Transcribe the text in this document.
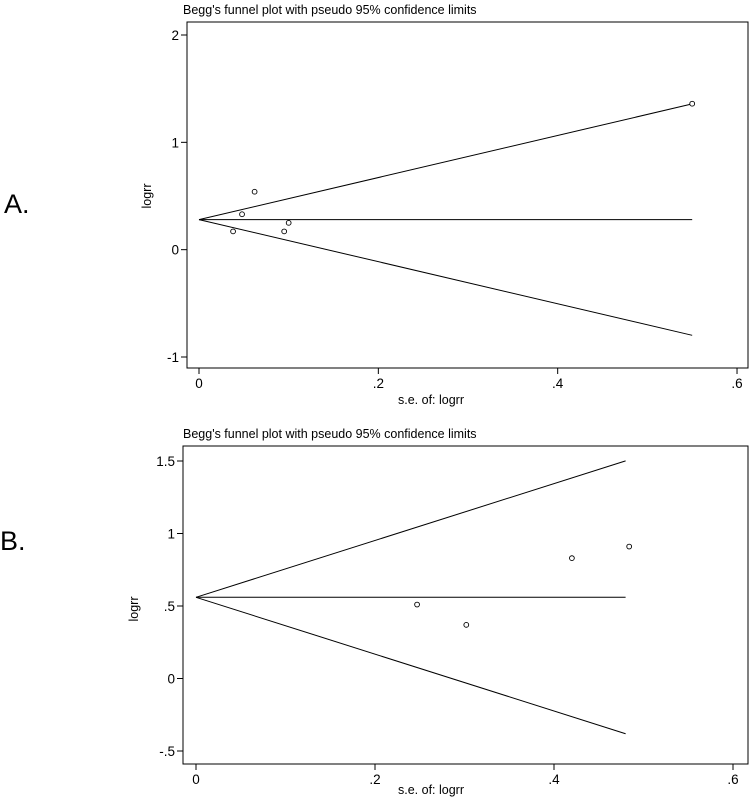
A.
Begg's funnel plot with pseudo 95% confidence limits
-1
0
1
2
0	.2	.4	.6
s.e. of: logrr
logrr
B.
Begg's funnel plot with pseudo 95% confidence limits
-.5
0
.5
1
1.5
0	.2	.4	.6
s.e. of: logrr
logrr
